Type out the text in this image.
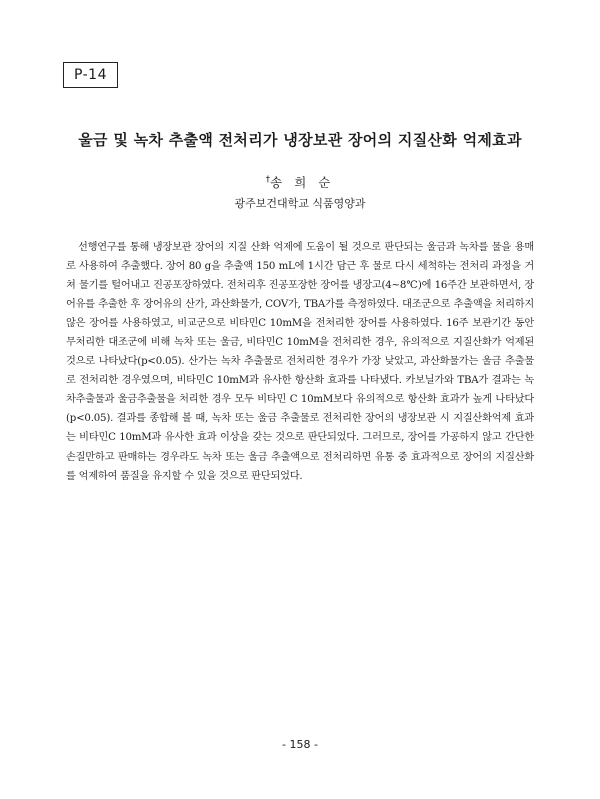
P-14
울금 및 녹차 추출액 전처리가 냉장보관 장어의 지질산화 억제효과
†송 희 순
광주보건대학교 식품영양과

선행연구를 통해 냉장보관 장어의 지질 산화 억제에 도움이 될 것으로 판단되는 울금과 녹차를 물을 용매로 사용하여 추출했다. 장어 80 g을 추출액 150 mL에 1시간 담근 후 물로 다시 세척하는 전처리 과정을 거쳐 물기를 털어내고 진공포장하였다. 전처리후 진공포장한 장어를 냉장고(4~8℃)에 16주간 보관하면서, 장어유를 추출한 후 장어유의 산가, 과산화물가, COV가, TBA가를 측정하였다. 대조군으로 추출액을 처리하지 않은 장어를 사용하였고, 비교군으로 비타민C 10mM을 전처리한 장어를 사용하였다. 16주 보관기간 동안 무처리한 대조군에 비해 녹차 또는 울금, 비타민C 10mM을 전처리한 경우, 유의적으로 지질산화가 억제된 것으로 나타났다(p<0.05). 산가는 녹차 추출물로 전처리한 경우가 가장 낮았고, 과산화물가는 울금 추출물로 전처리한 경우였으며, 비타민C 10mM과 유사한 항산화 효과를 나타냈다. 카보닐가와 TBA가 결과는 녹차추출물과 울금추출물을 처리한 경우 모두 비타민 C 10mM보다 유의적으로 항산화 효과가 높게 나타났다(p<0.05). 결과를 종합해 볼 때, 녹차 또는 울금 추출물로 전처리한 장어의 냉장보관 시 지질산화억제 효과는 비타민C 10mM과 유사한 효과 이상을 갖는 것으로 판단되었다. 그러므로, 장어를 가공하지 않고 간단한 손질만하고 판매하는 경우라도 녹차 또는 울금 추출액으로 전처리하면 유통 중 효과적으로 장어의 지질산화를 억제하여 품질을 유지할 수 있을 것으로 판단되었다.

- 158 -
